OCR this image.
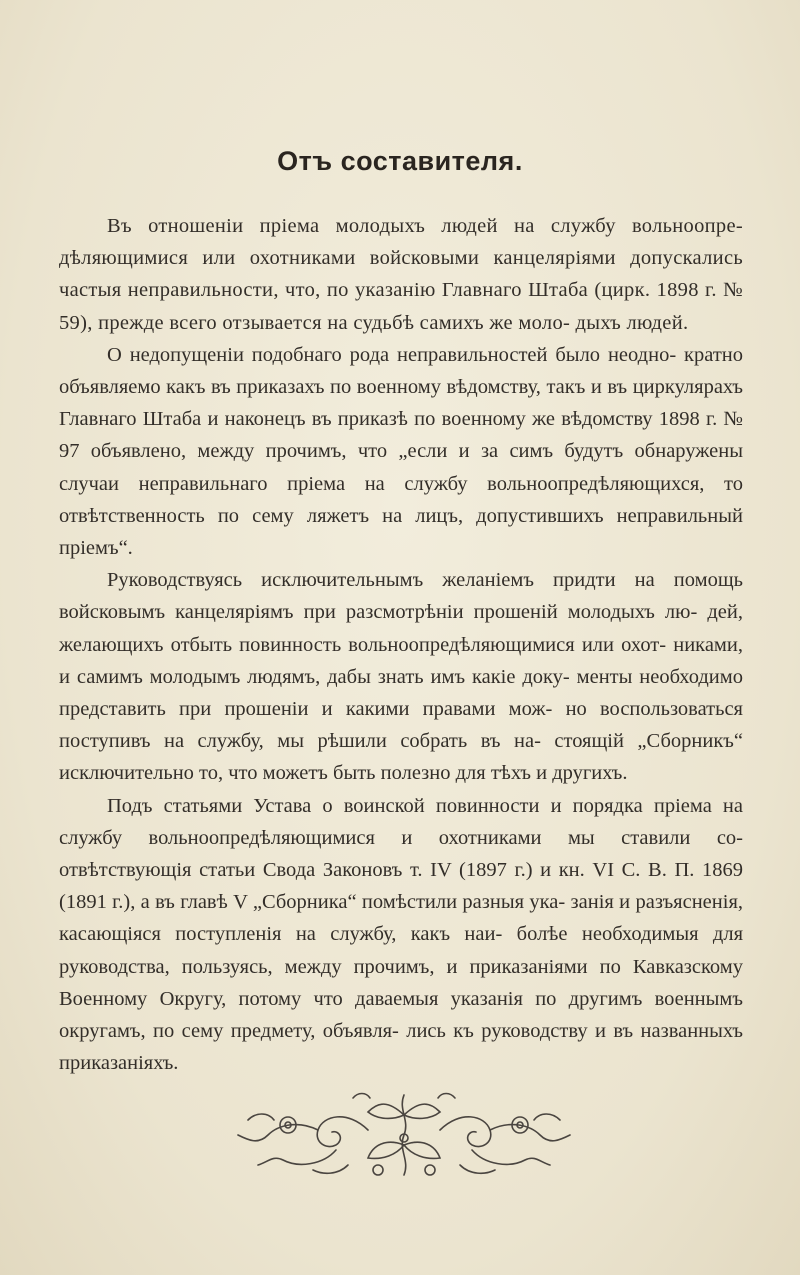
Отъ составителя.

Въ отношеніи пріема молодыхъ людей на службу вольноопре- дѣляющимися или охотниками войсковыми канцеляріями допускались частыя неправильности, что, по указанію Главнаго Штаба (цирк. 1898 г. № 59), прежде всего отзывается на судьбѣ самихъ же моло- дыхъ людей.

О недопущеніи подобнаго рода неправильностей было неодно- кратно объявляемо какъ въ приказахъ по военному вѣдомству, такъ и въ циркулярахъ Главнаго Штаба и наконецъ въ приказѣ по военному же вѣдомству 1898 г. № 97 объявлено, между прочимъ, что „если и за симъ будутъ обнаружены случаи неправильнаго пріема на службу вольноопредѣляющихся, то отвѣтственность по сему ляжетъ на лицъ, допустившихъ неправильный пріемъ“.

Руководствуясь исключительнымъ желаніемъ придти на помощь войсковымъ канцеляріямъ при разсмотрѣніи прошеній молодыхъ лю- дей, желающихъ отбыть повинность вольноопредѣляющимися или охот- никами, и самимъ молодымъ людямъ, дабы знать имъ какіе доку- менты необходимо представить при прошеніи и какими правами мож- но воспользоваться поступивъ на службу, мы рѣшили собрать въ на- стоящій „Сборникъ“ исключительно то, что можетъ быть полезно для тѣхъ и другихъ.

Подъ статьями Устава о воинской повинности и порядка пріема на службу вольноопредѣляющимися и охотниками мы ставили со- отвѣтствующія статьи Свода Законовъ т. IV (1897 г.) и кн. VI С. В. П. 1869 (1891 г.), а въ главѣ V „Сборника“ помѣстили разныя ука- занія и разъясненія, касающіяся поступленія на службу, какъ наи- болѣе необходимыя для руководства, пользуясь, между прочимъ, и приказаніями по Кавказскому Военному Округу, потому что даваемыя указанія по другимъ военнымъ округамъ, по сему предмету, объявля- лись къ руководству и въ названныхъ приказаніяхъ.
